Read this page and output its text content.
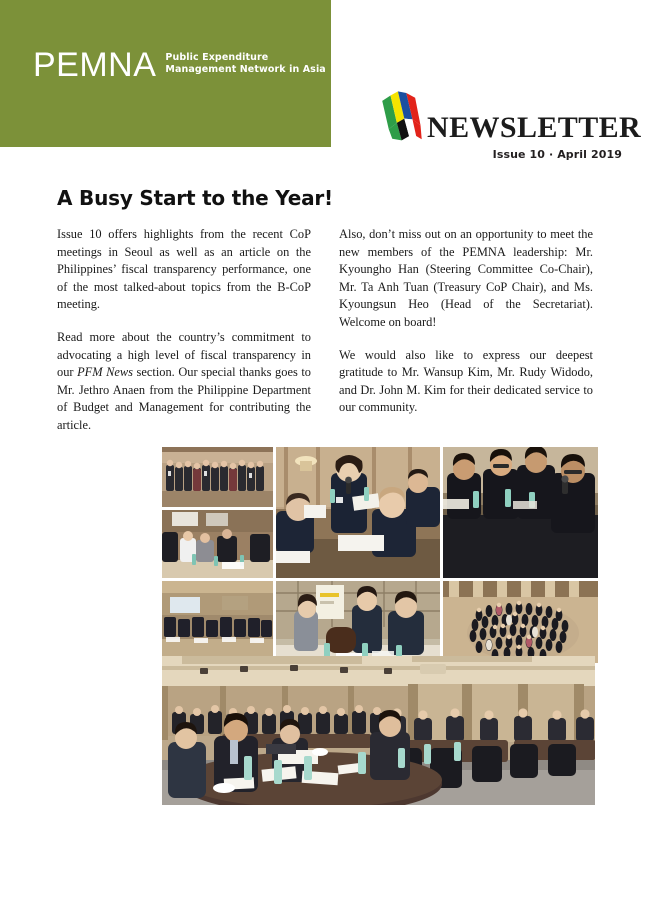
PEMNA Public Expenditure
Management Network in Asia
NEWSLETTER
Issue 10 · April 2019
A Busy Start to the Year!

Issue 10 offers highlights from the recent CoP meetings in Seoul as well as an article on the Philippines’ fiscal transparency performance, one of the most talked-about topics from the B-CoP meeting.

Read more about the country’s commitment to advocating a high level of fiscal transparency in our PFM News section. Our special thanks goes to Mr. Jethro Anaen from the Philippine Department of Budget and Management for contributing the article.

Also, don’t miss out on an opportunity to meet the new members of the PEMNA leadership: Mr. Kyoungho Han (Steering Committee Co-Chair), Mr. Ta Anh Tuan (Treasury CoP Chair), and Ms. Kyoungsun Heo (Head of the Secretariat). Welcome on board!

We would also like to express our deepest gratitude to Mr. Wansup Kim, Mr. Rudy Widodo, and Dr. John M. Kim for their dedicated service to our community.
